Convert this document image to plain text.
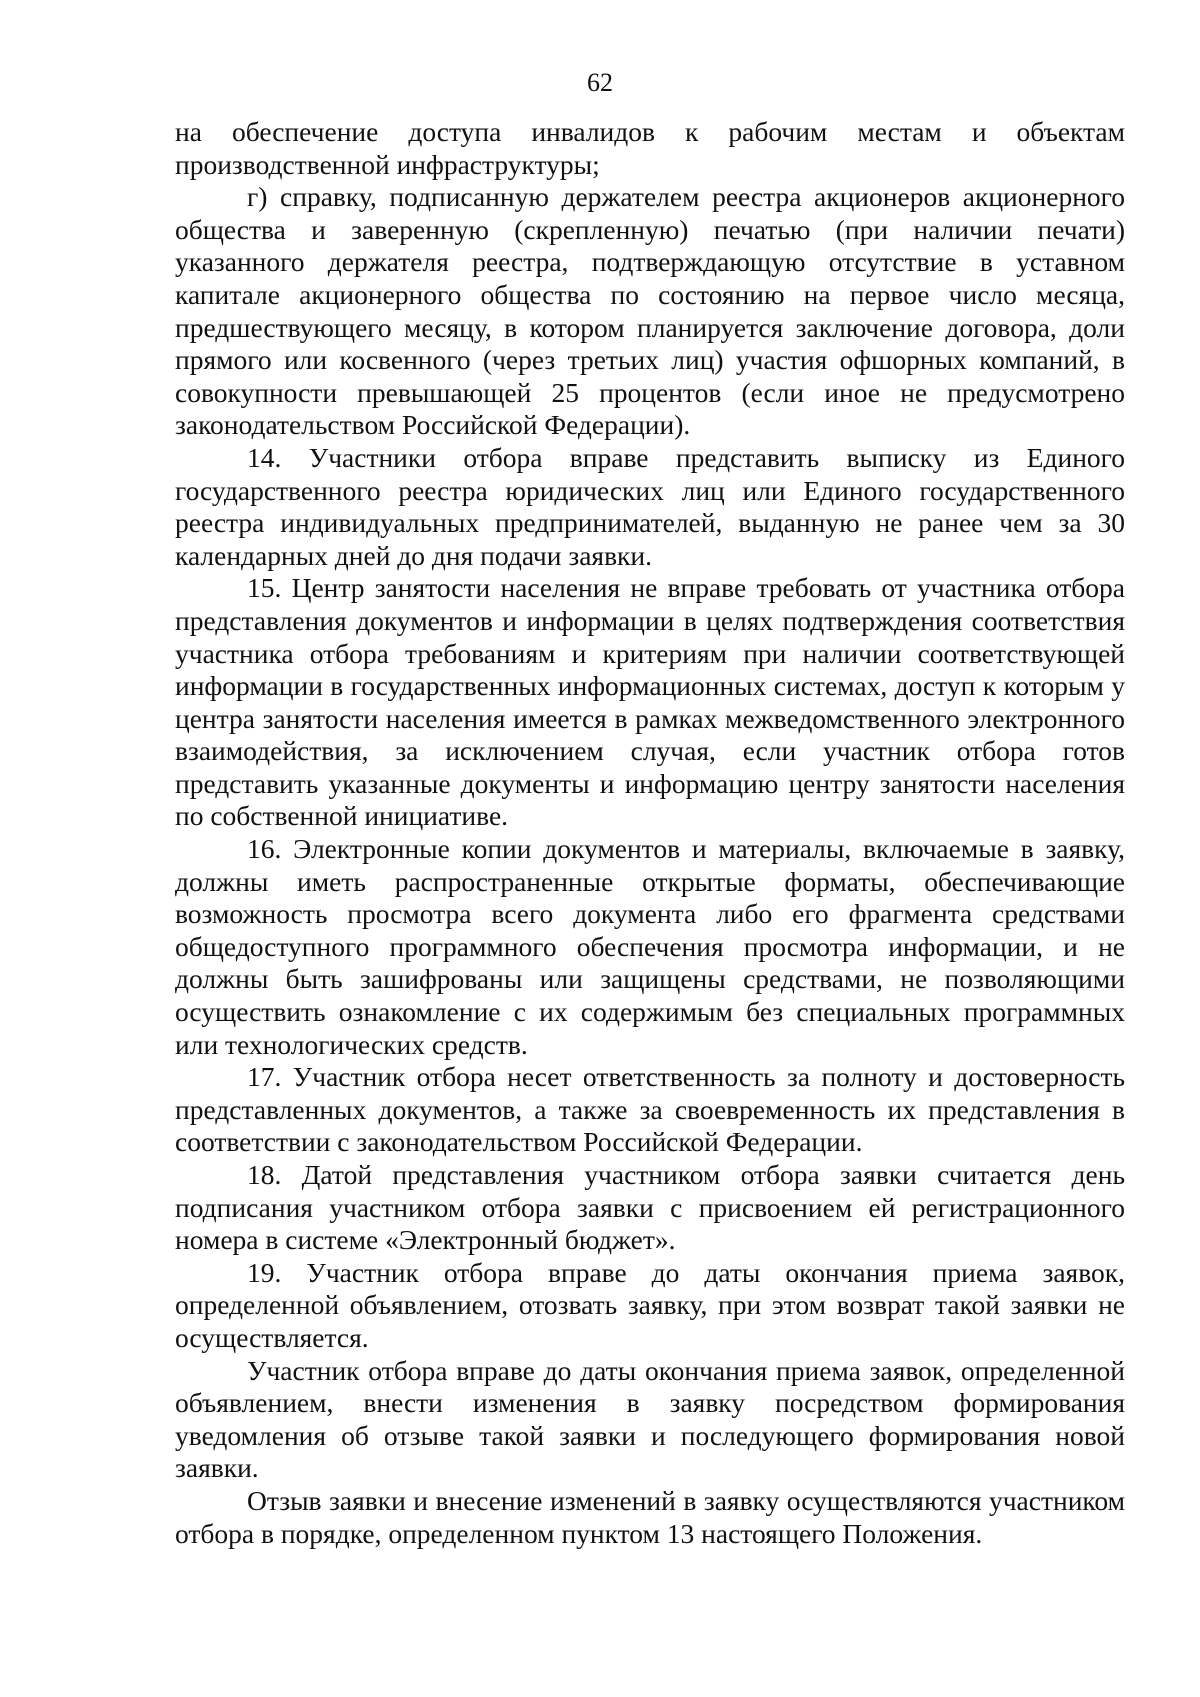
62

на обеспечение доступа инвалидов к рабочим местам и объектам производственной инфраструктуры;

г) справку, подписанную держателем реестра акционеров акционерного общества и заверенную (скрепленную) печатью (при наличии печати) указанного держателя реестра, подтверждающую отсутствие в уставном капитале акционерного общества по состоянию на первое число месяца, предшествующего месяцу, в котором планируется заключение договора, доли прямого или косвенного (через третьих лиц) участия офшорных компаний, в совокупности превышающей 25 процентов (если иное не предусмотрено законодательством Российской Федерации).

14. Участники отбора вправе представить выписку из Единого государственного реестра юридических лиц или Единого государственного реестра индивидуальных предпринимателей, выданную не ранее чем за 30 календарных дней до дня подачи заявки.

15. Центр занятости населения не вправе требовать от участника отбора представления документов и информации в целях подтверждения соответствия участника отбора требованиям и критериям при наличии соответствующей информации в государственных информационных системах, доступ к которым у центра занятости населения имеется в рамках межведомственного электронного взаимодействия, за исключением случая, если участник отбора готов представить указанные документы и информацию центру занятости населения по собственной инициативе.

16. Электронные копии документов и материалы, включаемые в заявку, должны иметь распространенные открытые форматы, обеспечивающие возможность просмотра всего документа либо его фрагмента средствами общедоступного программного обеспечения просмотра информации, и не должны быть зашифрованы или защищены средствами, не позволяющими осуществить ознакомление с их содержимым без специальных программных или технологических средств.

17. Участник отбора несет ответственность за полноту и достоверность представленных документов, а также за своевременность их представления в соответствии с законодательством Российской Федерации.

18. Датой представления участником отбора заявки считается день подписания участником отбора заявки с присвоением ей регистрационного номера в системе «Электронный бюджет».

19. Участник отбора вправе до даты окончания приема заявок, определенной объявлением, отозвать заявку, при этом возврат такой заявки не осуществляется.

Участник отбора вправе до даты окончания приема заявок, определенной объявлением, внести изменения в заявку посредством формирования уведомления об отзыве такой заявки и последующего формирования новой заявки.

Отзыв заявки и внесение изменений в заявку осуществляются участником отбора в порядке, определенном пунктом 13 настоящего Положения.
